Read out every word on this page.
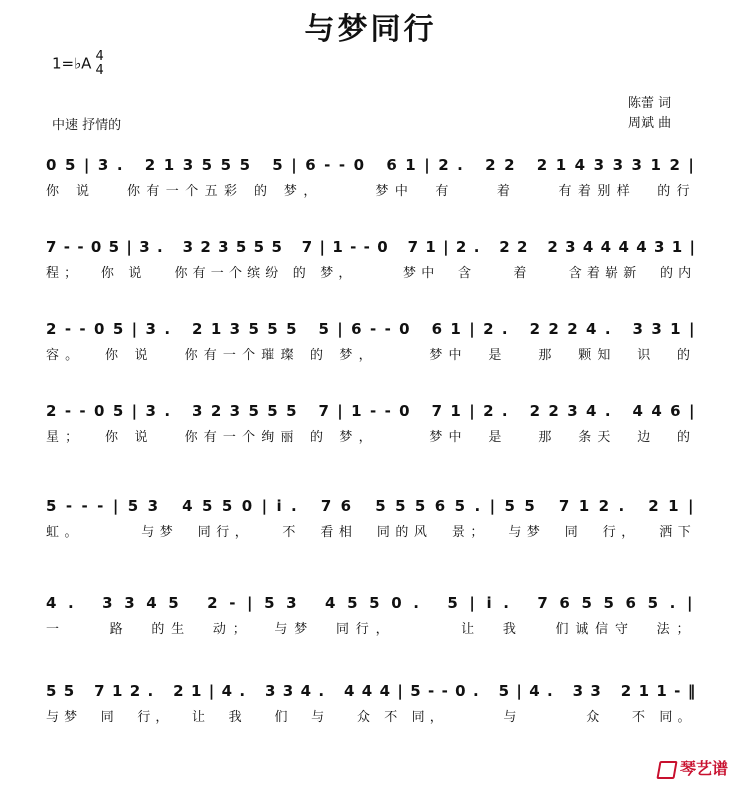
与梦同行
1=♭A 4
4
中速 抒情的
陈蕾 词
周斌 曲
0 5 | 3 .   2 1 3 5 5 5   5 | 6 - - 0   6 1 | 2 .   2 2   2 1 4 3 3 3 1 2 |
你 说   你有一个五彩 的 梦，     梦中  有    着    有着别样  的行
7 - - 0 5 | 3 .   3 2 3 5 5 5   7 | 1 - - 0   7 1 | 2 .   2 2   2 3 4 4 4 4 3 1 |
程；  你 说   你有一个缤纷 的 梦，     梦中  含    着    含着崭新  的内
2 - - 0 5 | 3 .   2 1 3 5 5 5   5 | 6 - - 0   6 1 | 2 .   2 2 2 4 .   3 3 1 |
容。  你 说   你有一个璀璨 的 梦，     梦中  是   那  颗知  识  的
2 - - 0 5 | 3 .   3 2 3 5 5 5   7 | 1 - - 0   7 1 | 2 .   2 2 3 4 .   4 4 6 |
星；  你 说   你有一个绚丽 的 梦，     梦中  是   那  条天  边  的
5 - - - | 5 3   4 5 5 0 | i .   7 6   5 5 5 6 5 . | 5 5   7 1 2 .   2 1 |
虹。      与梦  同行，   不  看相  同的风  景；  与梦  同  行，  洒下
4 .   3 3 4 5   2 - | 5 3   4 5 5 0 .   5 | i .   7 6 5 5 6 5 . |
一    路  的生  动；  与梦  同行，      让  我   们诚信守  法；
5 5   7 1 2 .   2 1 | 4 .   3 3 4 .   4 4 4 | 5 - - 0 .   5 | 4 .   3 3   2 1 1 - ‖
与梦  同  行，  让  我   们  与   众 不 同，      与       众   不 同。
琴艺谱
